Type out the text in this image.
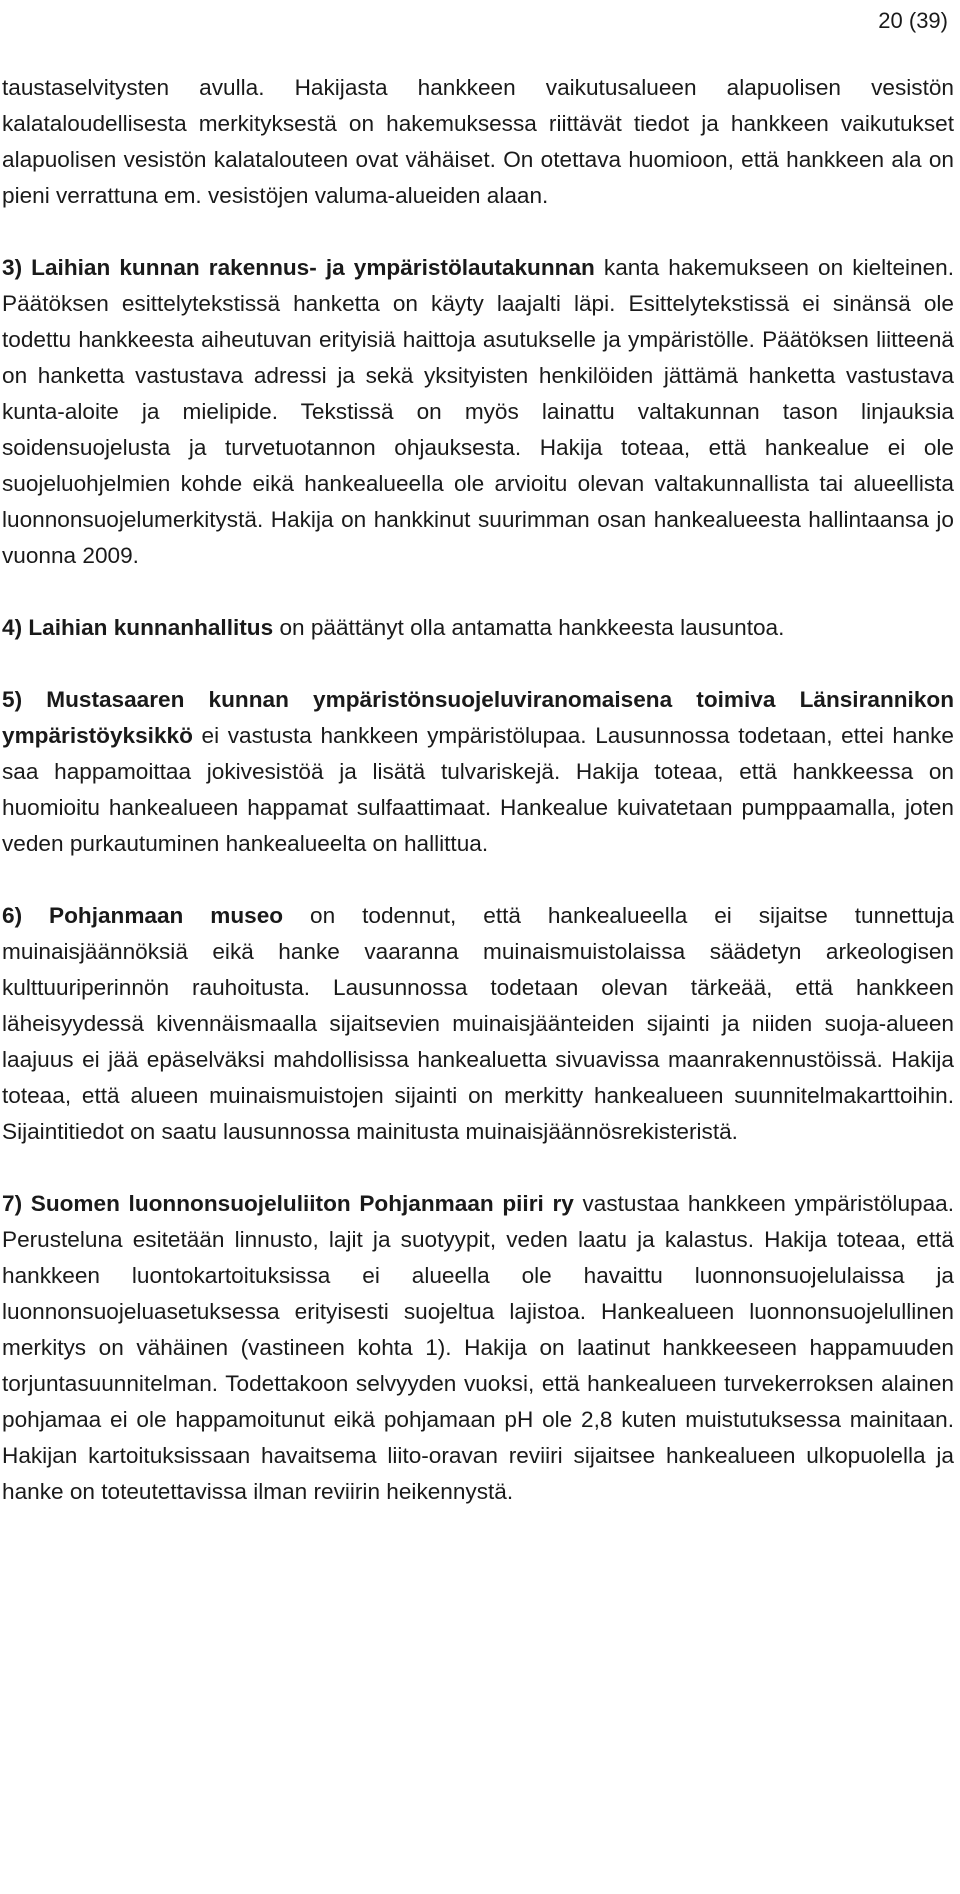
20 (39)

taustaselvitysten avulla. Hakijasta hankkeen vaikutusalueen alapuolisen vesistön kalataloudellisesta merkityksestä on hakemuksessa riittävät tiedot ja hankkeen vaikutukset alapuolisen vesistön kalatalouteen ovat vähäiset. On otettava huomioon, että hankkeen ala on pieni verrattuna em. vesistöjen valuma-alueiden alaan.

3) Laihian kunnan rakennus- ja ympäristölautakunnan kanta hakemukseen on kielteinen. Päätöksen esittelytekstissä hanketta on käyty laajalti läpi. Esittelytekstissä ei sinänsä ole todettu hankkeesta aiheutuvan erityisiä haittoja asutukselle ja ympäristölle. Päätöksen liitteenä on hanketta vastustava adressi ja sekä yksityisten henkilöiden jättämä hanketta vastustava kunta-aloite ja mielipide. Tekstissä on myös lainattu valtakunnan tason linjauksia soidensuojelusta ja turvetuotannon ohjauksesta. Hakija toteaa, että hankealue ei ole suojeluohjelmien kohde eikä hankealueella ole arvioitu olevan valtakunnallista tai alueellista luonnonsuojelumerkitystä. Hakija on hankkinut suurimman osan hankealueesta hallintaansa jo vuonna 2009.

4) Laihian kunnanhallitus on päättänyt olla antamatta hankkeesta lausuntoa.

5) Mustasaaren kunnan ympäristönsuojeluviranomaisena toimiva Länsirannikon ympäristöyksikkö ei vastusta hankkeen ympäristölupaa. Lausunnossa todetaan, ettei hanke saa happamoittaa jokivesistöä ja lisätä tulvariskejä. Hakija toteaa, että hankkeessa on huomioitu hankealueen happamat sulfaattimaat. Hankealue kuivatetaan pumppaamalla, joten veden purkautuminen hankealueelta on hallittua.

6) Pohjanmaan museo on todennut, että hankealueella ei sijaitse tunnettuja muinaisjäännöksiä eikä hanke vaaranna muinaismuistolaissa säädetyn arkeologisen kulttuuriperinnön rauhoitusta. Lausunnossa todetaan olevan tärkeää, että hankkeen läheisyydessä kivennäismaalla sijaitsevien muinaisjäänteiden sijainti ja niiden suoja-alueen laajuus ei jää epäselväksi mahdollisissa hankealuetta sivuavissa maanrakennustöissä. Hakija toteaa, että alueen muinaismuistojen sijainti on merkitty hankealueen suunnitelmakarttoihin. Sijaintitiedot on saatu lausunnossa mainitusta muinaisjäännösrekisteristä.

7) Suomen luonnonsuojeluliiton Pohjanmaan piiri ry vastustaa hankkeen ympäristölupaa. Perusteluna esitetään linnusto, lajit ja suotyypit, veden laatu ja kalastus. Hakija toteaa, että hankkeen luontokartoituksissa ei alueella ole havaittu luonnonsuojelulaissa ja luonnonsuojeluasetuksessa erityisesti suojeltua lajistoa. Hankealueen luonnonsuojelullinen merkitys on vähäinen (vastineen kohta 1). Hakija on laatinut hankkeeseen happamuuden torjuntasuunnitelman. Todettakoon selvyyden vuoksi, että hankealueen turvekerroksen alainen pohjamaa ei ole happamoitunut eikä pohjamaan pH ole 2,8 kuten muistutuksessa mainitaan. Hakijan kartoituksissaan havaitsema liito-oravan reviiri sijaitsee hankealueen ulkopuolella ja hanke on toteutettavissa ilman reviirin heikennystä.
